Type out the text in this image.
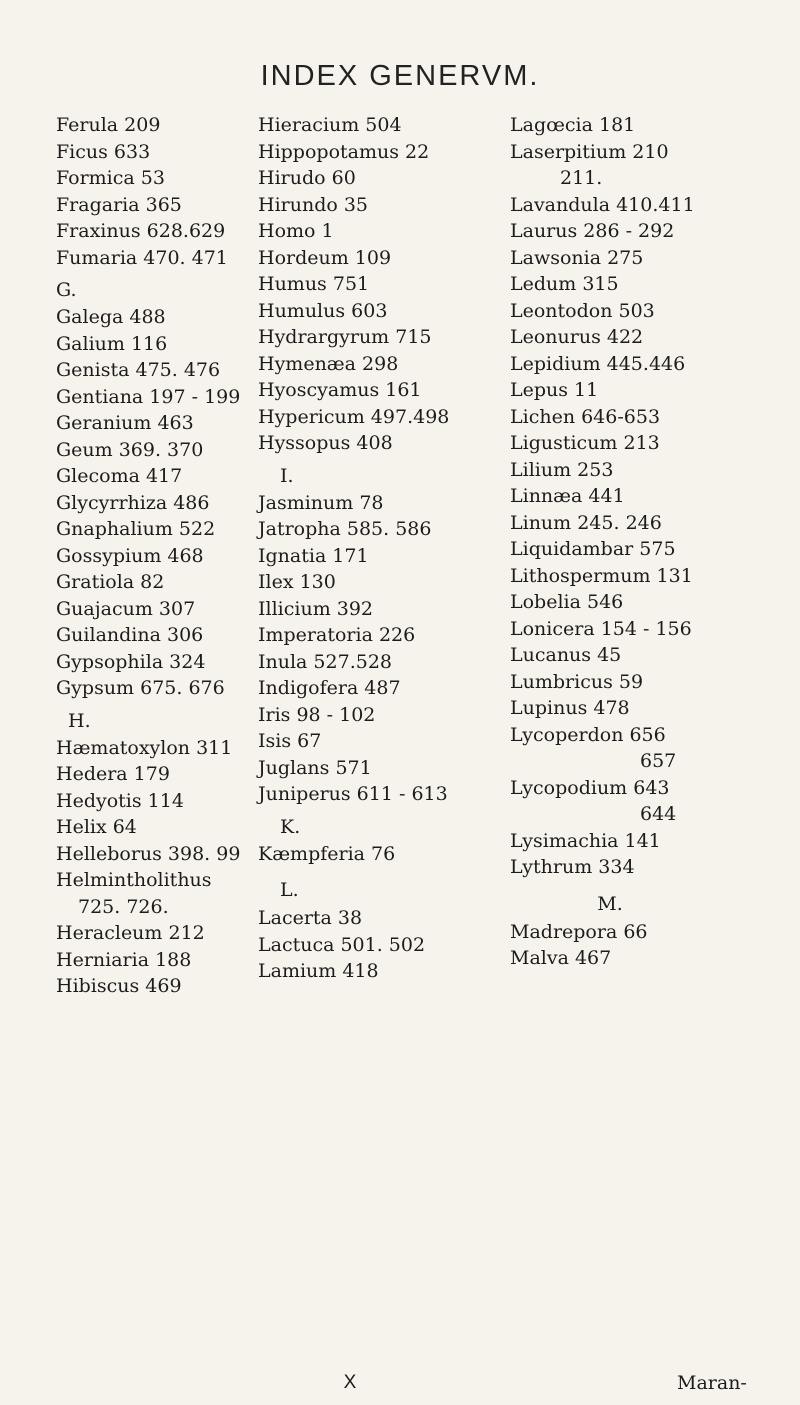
INDEX GENERVM.
Ferula 209
Ficus 633
Formica 53
Fragaria 365
Fraxinus 628.629
Fumaria 470. 471
G.
Galega 488
Galium 116
Genista 475. 476
Gentiana 197 - 199
Geranium 463
Geum 369. 370
Glecoma 417
Glycyrrhiza 486
Gnaphalium 522
Gossypium 468
Gratiola 82
Guajacum 307
Guilandina 306
Gypsophila 324
Gypsum 675. 676
H.
Hæmatoxylon 311
Hedera 179
Hedyotis 114
Helix 64
Helleborus 398. 99
Helmintholithus
725. 726.
Heracleum 212
Herniaria 188
Hibiscus 469
Hieracium 504
Hippopotamus 22
Hirudo 60
Hirundo 35
Homo 1
Hordeum 109
Humus 751
Humulus 603
Hydrargyrum 715
Hymenæa 298
Hyoscyamus 161
Hypericum 497.498
Hyssopus 408
I.
Jasminum 78
Jatropha 585. 586
Ignatia 171
Ilex 130
Illicium 392
Imperatoria 226
Inula 527.528
Indigofera 487
Iris 98 - 102
Isis 67
Juglans 571
Juniperus 611 - 613
K.
Kæmpferia 76
L.
Lacerta 38
Lactuca 501. 502
Lamium 418
Lagœcia 181
Laserpitium 210
211.
Lavandula 410.411
Laurus 286 - 292
Lawsonia 275
Ledum 315
Leontodon 503
Leonurus 422
Lepidium 445.446
Lepus 11
Lichen 646-653
Ligusticum 213
Lilium 253
Linnæa 441
Linum 245. 246
Liquidambar 575
Lithospermum 131
Lobelia 546
Lonicera 154 - 156
Lucanus 45
Lumbricus 59
Lupinus 478
Lycoperdon 656
657
Lycopodium 643
644
Lysimachia 141
Lythrum 334
M.
Madrepora 66
Malva 467
X	Maran-
